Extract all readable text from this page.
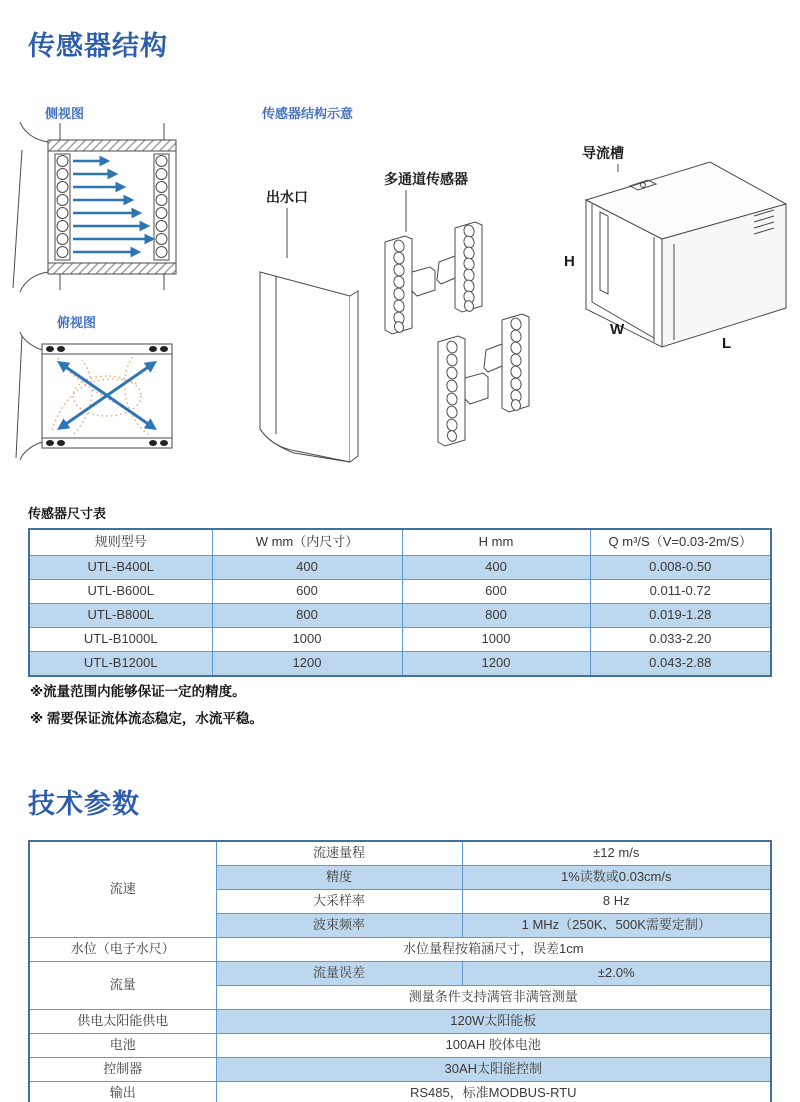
传感器结构
侧视图	传感器结构示意
俯视图
出水口
多通道传感器
导流槽
H
W
L
传感器尺寸表
规则型号	W mm（内尺寸）	H mm	Q m³/S（V=0.03-2m/S）
UTL-B400L	400	400	0.008-0.50
UTL-B600L	600	600	0.011-0.72
UTL-B800L	800	800	0.019-1.28
UTL-B1000L	1000	1000	0.033-2.20
UTL-B1200L	1200	1200	0.043-2.88
※流量范围内能够保证一定的精度。
※ 需要保证流体流态稳定，水流平稳。
技术参数
流速	流速量程	±12 m/s
	精度	1%读数或0.03cm/s
	大采样率	8 Hz
	波束频率	1 MHz（250K、500K需要定制）
水位（电子水尺）	水位量程按箱涵尺寸，误差1cm	
流量	流量误差	±2.0%
	测量条件支持满管非满管测量	
供电太阳能供电	120W太阳能板	
电池	100AH 胶体电池	
控制器	30AH太阳能控制	
输出	RS485，标准MODBUS-RTU	
